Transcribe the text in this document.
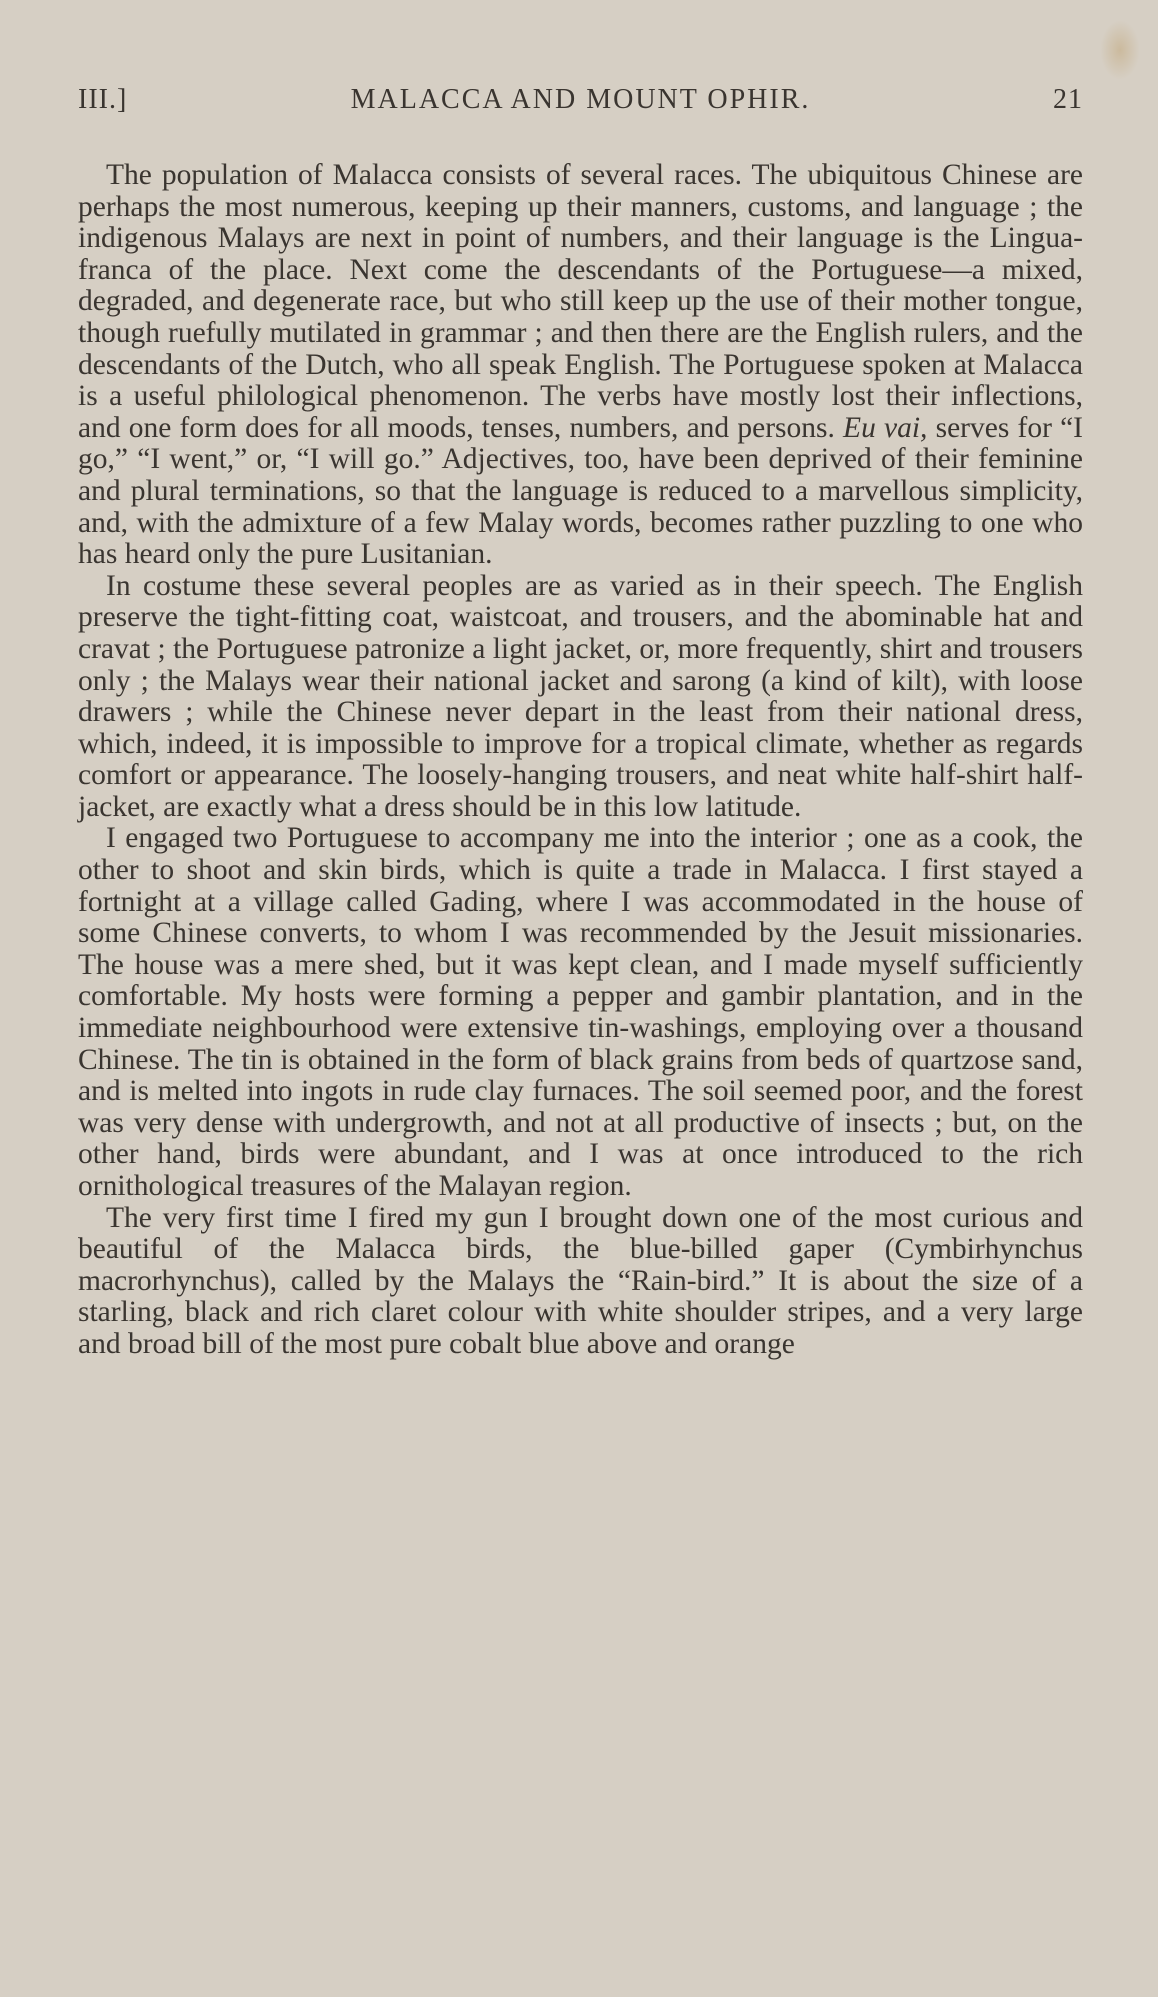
III.]	MALACCA AND MOUNT OPHIR.	21

The population of Malacca consists of several races. The ubiquitous Chinese are perhaps the most numerous, keeping up their manners, customs, and language ; the indigenous Malays are next in point of numbers, and their language is the Lingua-franca of the place. Next come the descendants of the Portuguese—a mixed, degraded, and degenerate race, but who still keep up the use of their mother tongue, though ruefully mutilated in grammar ; and then there are the English rulers, and the descendants of the Dutch, who all speak English. The Portuguese spoken at Malacca is a useful philological phenomenon. The verbs have mostly lost their inflections, and one form does for all moods, tenses, numbers, and persons. Eu vai, serves for “I go,” “I went,” or, “I will go.” Adjectives, too, have been deprived of their feminine and plural terminations, so that the language is reduced to a marvellous simplicity, and, with the admixture of a few Malay words, becomes rather puzzling to one who has heard only the pure Lusitanian.

In costume these several peoples are as varied as in their speech. The English preserve the tight-fitting coat, waistcoat, and trousers, and the abominable hat and cravat ; the Portuguese patronize a light jacket, or, more frequently, shirt and trousers only ; the Malays wear their national jacket and sarong (a kind of kilt), with loose drawers ; while the Chinese never depart in the least from their national dress, which, indeed, it is impossible to improve for a tropical climate, whether as regards comfort or appearance. The loosely-hanging trousers, and neat white half-shirt half-jacket, are exactly what a dress should be in this low latitude.

I engaged two Portuguese to accompany me into the interior ; one as a cook, the other to shoot and skin birds, which is quite a trade in Malacca. I first stayed a fortnight at a village called Gading, where I was accommodated in the house of some Chinese converts, to whom I was recommended by the Jesuit missionaries. The house was a mere shed, but it was kept clean, and I made myself sufficiently comfortable. My hosts were forming a pepper and gambir plantation, and in the immediate neighbourhood were extensive tin-washings, employing over a thousand Chinese. The tin is obtained in the form of black grains from beds of quartzose sand, and is melted into ingots in rude clay furnaces. The soil seemed poor, and the forest was very dense with undergrowth, and not at all productive of insects ; but, on the other hand, birds were abundant, and I was at once introduced to the rich ornithological treasures of the Malayan region.

The very first time I fired my gun I brought down one of the most curious and beautiful of the Malacca birds, the blue-billed gaper (Cymbirhynchus macrorhynchus), called by the Malays the “Rain-bird.” It is about the size of a starling, black and rich claret colour with white shoulder stripes, and a very large and broad bill of the most pure cobalt blue above and orange
